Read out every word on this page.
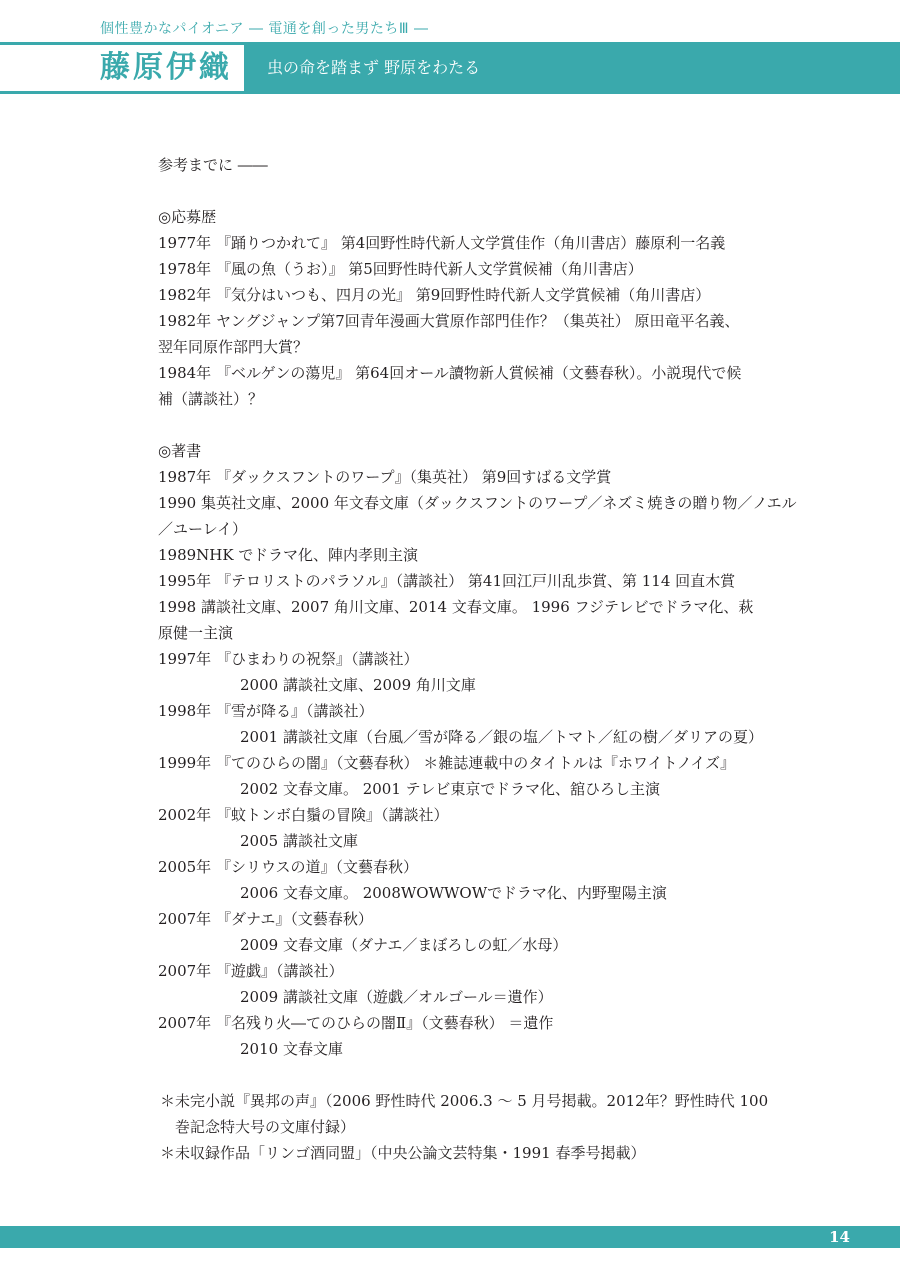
個性豊かなパイオニア ― 電通を創った男たちⅢ ―
藤原伊織 虫の命を踏まず 野原をわたる

参考までに ――

◎応募歴

1977年 『踊りつかれて』 第4回野性時代新人文学賞佳作（角川書店）藤原利一名義

1978年 『風の魚（うお）』 第5回野性時代新人文学賞候補（角川書店）

1982年 『気分はいつも、四月の光』 第9回野性時代新人文学賞候補（角川書店）

1982年 ヤングジャンプ第7回青年漫画大賞原作部門佳作？（集英社） 原田竜平名義、

翌年同原作部門大賞？

1984年 『ベルゲンの蕩児』 第64回オール讀物新人賞候補（文藝春秋）。小説現代で候

補（講談社）？

◎著書

1987年 『ダックスフントのワープ』（集英社） 第9回すばる文学賞

1990 集英社文庫、2000 年文春文庫（ダックスフントのワープ／ネズミ焼きの贈り物／ノエル

／ユーレイ）

1989NHK でドラマ化、陣内孝則主演

1995年 『テロリストのパラソル』（講談社） 第41回江戸川乱歩賞、第 114 回直木賞

1998 講談社文庫、2007 角川文庫、2014 文春文庫。 1996 フジテレビでドラマ化、萩

原健一主演

1997年 『ひまわりの祝祭』（講談社）

2000 講談社文庫、2009 角川文庫

1998年 『雪が降る』（講談社）

2001 講談社文庫（台風／雪が降る／銀の塩／トマト／紅の樹／ダリアの夏）

1999年 『てのひらの闇』（文藝春秋） ＊雑誌連載中のタイトルは『ホワイトノイズ』

2002 文春文庫。 2001 テレビ東京でドラマ化、舘ひろし主演

2002年 『蚊トンボ白鬚の冒険』（講談社）

2005 講談社文庫

2005年 『シリウスの道』（文藝春秋）

2006 文春文庫。 2008WOWWOWでドラマ化、内野聖陽主演

2007年 『ダナエ』（文藝春秋）

2009 文春文庫（ダナエ／まぼろしの虹／水母）

2007年 『遊戯』（講談社）

2009 講談社文庫（遊戯／オルゴール＝遺作）

2007年 『名残り火―てのひらの闇Ⅱ』（文藝春秋） ＝遺作

2010 文春文庫

＊未完小説『異邦の声』（2006 野性時代 2006.3 ～ 5 月号掲載。2012年？野性時代 100

巻記念特大号の文庫付録）

＊未収録作品「リンゴ酒同盟」（中央公論文芸特集・1991 春季号掲載）

14
